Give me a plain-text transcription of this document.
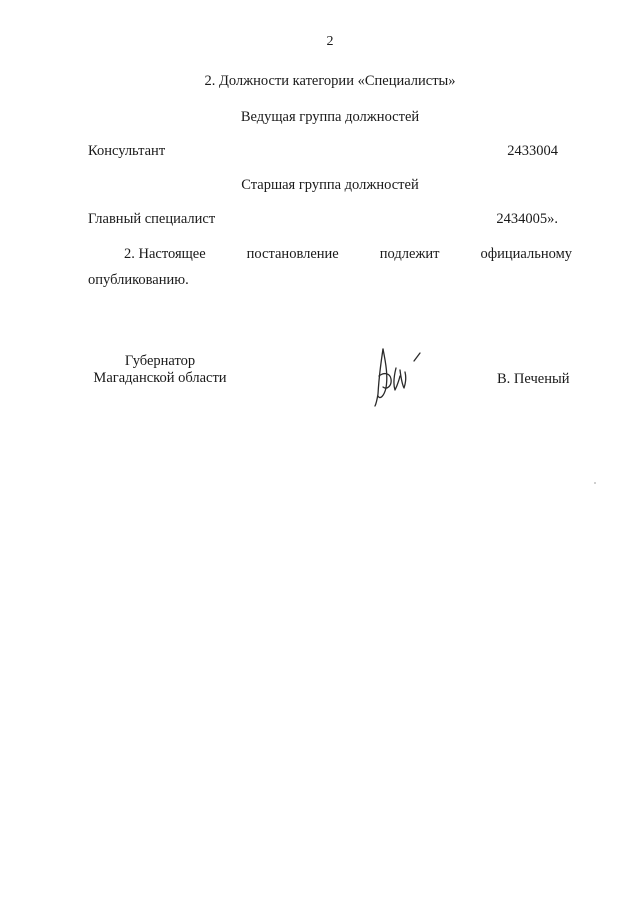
2
2. Должности категории «Специалисты»
Ведущая группа должностей
Консультант	2433004
Старшая группа должностей
Главный специалист	2434005».
2. Настоящее	постановление	подлежит	официальному
опубликованию.
Губернатор
Магаданской области	В. Печеный
